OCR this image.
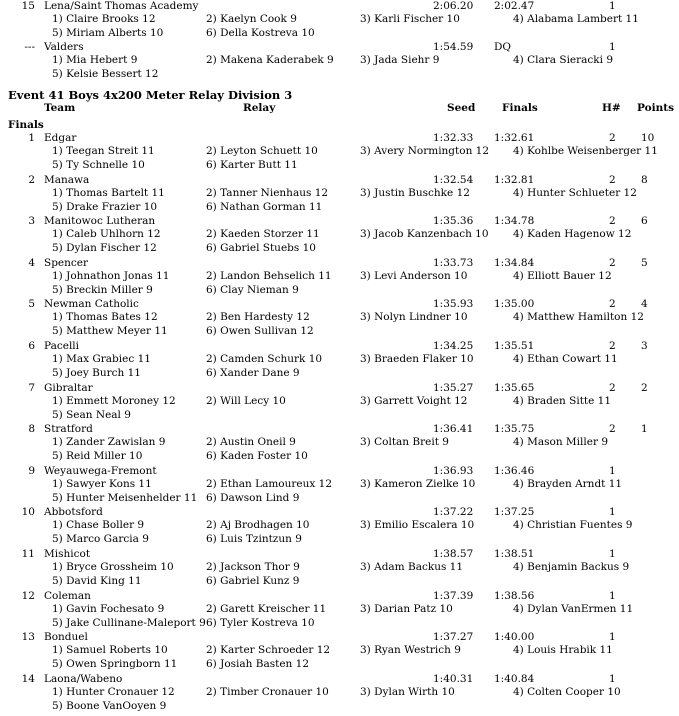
Event 41 Boys 4x200 Meter Relay Division 3
Team	Relay	Seed	Finals	H# Points
Finals
15 Lena/Saint Thomas Academy	2:06.20 2:02.47	1
1) Claire Brooks 12	2) Kaelyn Cook 9	3) Karli Fischer 10	4) Alabama Lambert 11
5) Miriam Alberts 10	6) Della Kostreva 10
--- Valders	1:54.59 DQ	1
1) Mia Hebert 9	2) Makena Kaderabek 9	3) Jada Siehr 9	4) Clara Sieracki 9
5) Kelsie Bessert 12
1 Edgar	1:32.33 1:32.61	2 10
1) Teegan Streit 11	2) Leyton Schuett 10	3) Avery Normington 12 4) Kohlbe Weisenberger 11
5) Ty Schnelle 10	6) Karter Butt 11
2 Manawa	1:32.54 1:32.81	2 8
1) Thomas Bartelt 11	2) Tanner Nienhaus 12	3) Justin Buschke 12	4) Hunter Schlueter 12
5) Drake Frazier 10	6) Nathan Gorman 11
3 Manitowoc Lutheran	1:35.36 1:34.78	2 6
1) Caleb Uhlhorn 12	2) Kaeden Storzer 11	3) Jacob Kanzenbach 10 4) Kaden Hagenow 12
5) Dylan Fischer 12	6) Gabriel Stuebs 10
4 Spencer	1:33.73 1:34.84	2 5
1) Johnathon Jonas 11	2) Landon Behselich 11	3) Levi Anderson 10	4) Elliott Bauer 12
5) Breckin Miller 9	6) Clay Nieman 9
5 Newman Catholic	1:35.93 1:35.00	2 4
1) Thomas Bates 12	2) Ben Hardesty 12	3) Nolyn Lindner 10	4) Matthew Hamilton 12
5) Matthew Meyer 11	6) Owen Sullivan 12
6 Pacelli	1:34.25 1:35.51	2 3
1) Max Grabiec 11	2) Camden Schurk 10	3) Braeden Flaker 10	4) Ethan Cowart 11
5) Joey Burch 11	6) Xander Dane 9
7 Gibraltar	1:35.27 1:35.65	2 2
1) Emmett Moroney 12	2) Will Lecy 10	3) Garrett Voight 12	4) Braden Sitte 11
5) Sean Neal 9
8 Stratford	1:36.41 1:35.75	2 1
1) Zander Zawislan 9	2) Austin Oneil 9	3) Coltan Breit 9	4) Mason Miller 9
5) Reid Miller 10	6) Kaden Foster 10
9 Weyauwega-Fremont	1:36.93 1:36.46	1
1) Sawyer Kons 11	2) Ethan Lamoureux 12	3) Kameron Zielke 10	4) Brayden Arndt 11
5) Hunter Meisenhelder 11 6) Dawson Lind 9
10 Abbotsford	1:37.22 1:37.25	1
1) Chase Boller 9	2) Aj Brodhagen 10	3) Emilio Escalera 10	4) Christian Fuentes 9
5) Marco Garcia 9	6) Luis Tzintzun 9
11 Mishicot	1:38.57 1:38.51	1
1) Bryce Grossheim 10	2) Jackson Thor 9	3) Adam Backus 11	4) Benjamin Backus 9
5) David King 11	6) Gabriel Kunz 9
12 Coleman	1:37.39 1:38.56	1
1) Gavin Fochesato 9	2) Garett Kreischer 11	3) Darian Patz 10	4) Dylan VanErmen 11
5) Jake Cullinane-Maleport 9 6) Tyler Kostreva 10
13 Bonduel	1:37.27 1:40.00	1
1) Samuel Roberts 10	2) Karter Schroeder 12	3) Ryan Westrich 9	4) Louis Hrabik 11
5) Owen Springborn 11	6) Josiah Basten 12
14 Laona/Wabeno	1:40.31 1:40.84	1
1) Hunter Cronauer 12	2) Timber Cronauer 10	3) Dylan Wirth 10	4) Colten Cooper 10
5) Boone VanOoyen 9
